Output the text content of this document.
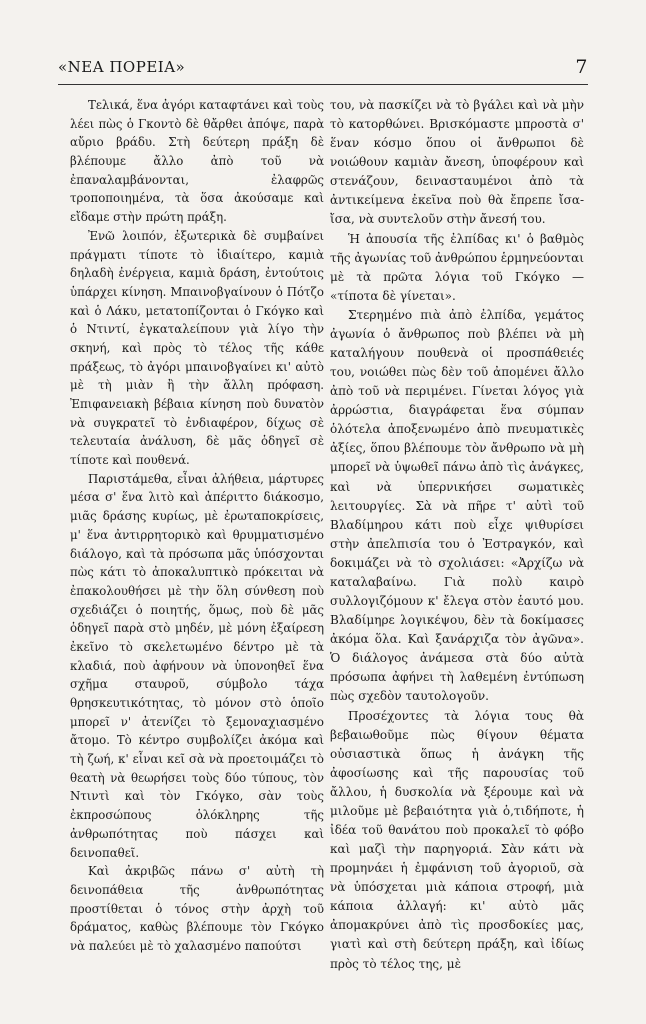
«ΝΕΑ ΠΟΡΕΙΑ»	7

Τελικά, ἕνα ἀγόρι καταφτάνει καὶ τοὺς λέει πὼς ὁ Γκοντὸ δὲ θἄρθει ἀπόψε, παρὰ αὔριο βράδυ. Στὴ δεύτερη πράξη δὲ βλέπουμε ἄλλο ἀπὸ τοῦ νὰ ἐπαναλαμβάνονται, ἐλαφρῶς τροποποιημένα, τὰ ὅσα ἀκούσαμε καὶ εἴδαμε στὴν πρώτη πράξη.

Ἐνῶ λοιπόν, ἐξωτερικὰ δὲ συμβαίνει πράγματι τίποτε τὸ ἰδιαίτερο, καμιὰ δηλαδὴ ἐνέργεια, καμιὰ δράση, ἐντούτοις ὑπάρχει κίνηση. Μπαινοβγαίνουν ὁ Πότζο καὶ ὁ Λάκυ, μετατοπίζονται ὁ Γκόγκο καὶ ὁ Ντιντί, ἐγκαταλείπουν γιὰ λίγο τὴν σκηνή, καὶ πρὸς τὸ τέλος τῆς κάθε πράξεως, τὸ ἀγόρι μπαινοβγαίνει κι' αὐτὸ μὲ τὴ μιὰν ἢ τὴν ἄλλη πρόφαση. Ἐπιφανειακὴ βέβαια κίνηση ποὺ δυνατὸν νὰ συγκρατεῖ τὸ ἐνδιαφέρον, δίχως σὲ τελευταία ἀνάλυση, δὲ μᾶς ὁδηγεῖ σὲ τίποτε καὶ πουθενά.

Παριστάμεθα, εἶναι ἀλήθεια, μάρτυρες μέσα σ' ἕνα λιτὸ καὶ ἀπέριττο διάκοσμο, μιᾶς δράσης κυρίως, μὲ ἐρωταποκρίσεις, μ' ἕνα ἀντιρρητορικὸ καὶ θρυμματισμένο διάλογο, καὶ τὰ πρόσωπα μᾶς ὑπόσχονται πὼς κάτι τὸ ἀποκαλυπτικὸ πρόκειται νὰ ἐπακολουθήσει μὲ τὴν ὅλη σύνθεση ποὺ σχεδιάζει ὁ ποιητής, ὅμως, ποὺ δὲ μᾶς ὁδηγεῖ παρὰ στὸ μηδέν, μὲ μόνη ἐξαίρεση ἐκεῖνο τὸ σκελετωμένο δέντρο μὲ τὰ κλαδιά, ποὺ ἀφήνουν νὰ ὑπονοηθεῖ ἕνα σχῆμα σταυροῦ, σύμβολο τάχα θρησκευτικότητας, τὸ μόνον στὸ ὁποῖο μπορεῖ ν' ἀτενίζει τὸ ξεμοναχιασμένο ἄτομο. Τὸ κέντρο συμβολίζει ἀκόμα καὶ τὴ ζωή, κ' εἶναι κεῖ σὰ νὰ προετοιμάζει τὸ θεατὴ νὰ θεωρήσει τοὺς δύο τύπους, τὸν Ντιντὶ καὶ τὸν Γκόγκο, σὰν τοὺς ἐκπροσώπους ὁλόκληρης τῆς ἀνθρωπότητας ποὺ πάσχει καὶ δεινοπαθεῖ.

Καὶ ἀκριβῶς πάνω σ' αὐτὴ τὴ δεινοπάθεια τῆς ἀνθρωπότητας προστίθεται ὁ τόνος στὴν ἀρχὴ τοῦ δράματος, καθὼς βλέπουμε τὸν Γκόγκο νὰ παλεύει μὲ τὸ χαλασμένο παπούτσι

του, νὰ πασκίζει νὰ τὸ βγάλει καὶ νὰ μὴν τὸ κατορθώνει. Βρισκόμαστε μπροστὰ σ' ἕναν κόσμο ὅπου οἱ ἄνθρωποι δὲ νοιώθουν καμιὰν ἄνεση, ὑποφέρουν καὶ στενάζουν, δεινασταυμένοι ἀπὸ τὰ ἀντικείμενα ἐκεῖνα ποὺ θὰ ἔπρεπε ἴσα-ἴσα, νὰ συντελοῦν στὴν ἄνεσή του.

Ἡ ἀπουσία τῆς ἐλπίδας κι' ὁ βαθμὸς τῆς ἀγωνίας τοῦ ἀνθρώπου ἑρμηνεύονται μὲ τὰ πρῶτα λόγια τοῦ Γκόγκο — «τίποτα δὲ γίνεται».

Στερημένο πιὰ ἀπὸ ἐλπίδα, γεμάτος ἀγωνία ὁ ἄνθρωπος ποὺ βλέπει νὰ μὴ καταλήγουν πουθενὰ οἱ προσπάθειές του, νοιώθει πὼς δὲν τοῦ ἀπομένει ἄλλο ἀπὸ τοῦ νὰ περιμένει. Γίνεται λόγος γιὰ ἀρρώστια, διαγράφεται ἕνα σύμπαν ὁλότελα ἀποξενωμένο ἀπὸ πνευματικὲς ἀξίες, ὅπου βλέπουμε τὸν ἄνθρωπο νὰ μὴ μπορεῖ νὰ ὑψωθεῖ πάνω ἀπὸ τὶς ἀνάγκες, καὶ νὰ ὑπερνικήσει σωματικὲς λειτουργίες. Σὰ νὰ πῆρε τ' αὐτὶ τοῦ Βλαδίμηρου κάτι ποὺ εἶχε ψιθυρίσει στὴν ἀπελπισία του ὁ Ἐστραγκόν, καὶ δοκιμάζει νὰ τὸ σχολιάσει: «Ἀρχίζω νὰ καταλαβαίνω. Γιὰ πολὺ καιρὸ συλλογιζόμουν κ' ἔλεγα στὸν ἑαυτό μου. Βλαδίμηρε λογικέψου, δὲν τὰ δοκίμασες ἀκόμα ὅλα. Καὶ ξανάρχιζα τὸν ἀγῶνα». Ὁ διάλογος ἀνάμεσα στὰ δύο αὐτὰ πρόσωπα ἀφήνει τὴ λαθεμένη ἐντύπωση πὼς σχεδὸν ταυτολογοῦν.

Προσέχοντες τὰ λόγια τους θὰ βεβαιωθοῦμε πὼς θίγουν θέματα οὐσιαστικὰ ὅπως ἡ ἀνάγκη τῆς ἀφοσίωσης καὶ τῆς παρουσίας τοῦ ἄλλου, ἡ δυσκολία νὰ ξέρουμε καὶ νὰ μιλοῦμε μὲ βεβαιότητα γιὰ ὁ,τιδήποτε, ἡ ἰδέα τοῦ θανάτου ποὺ προκαλεῖ τὸ φόβο καὶ μαζὶ τὴν παρηγοριά. Σὰν κάτι νὰ προμηνάει ἡ ἐμφάνιση τοῦ ἀγοριοῦ, σὰ νὰ ὑπόσχεται μιὰ κάποια στροφή, μιὰ κάποια ἀλλαγή: κι' αὐτὸ μᾶς ἀπομακρύνει ἀπὸ τὶς προσδοκίες μας, γιατὶ καὶ στὴ δεύτερη πράξη, καὶ ἰδίως πρὸς τὸ τέλος της, μὲ
